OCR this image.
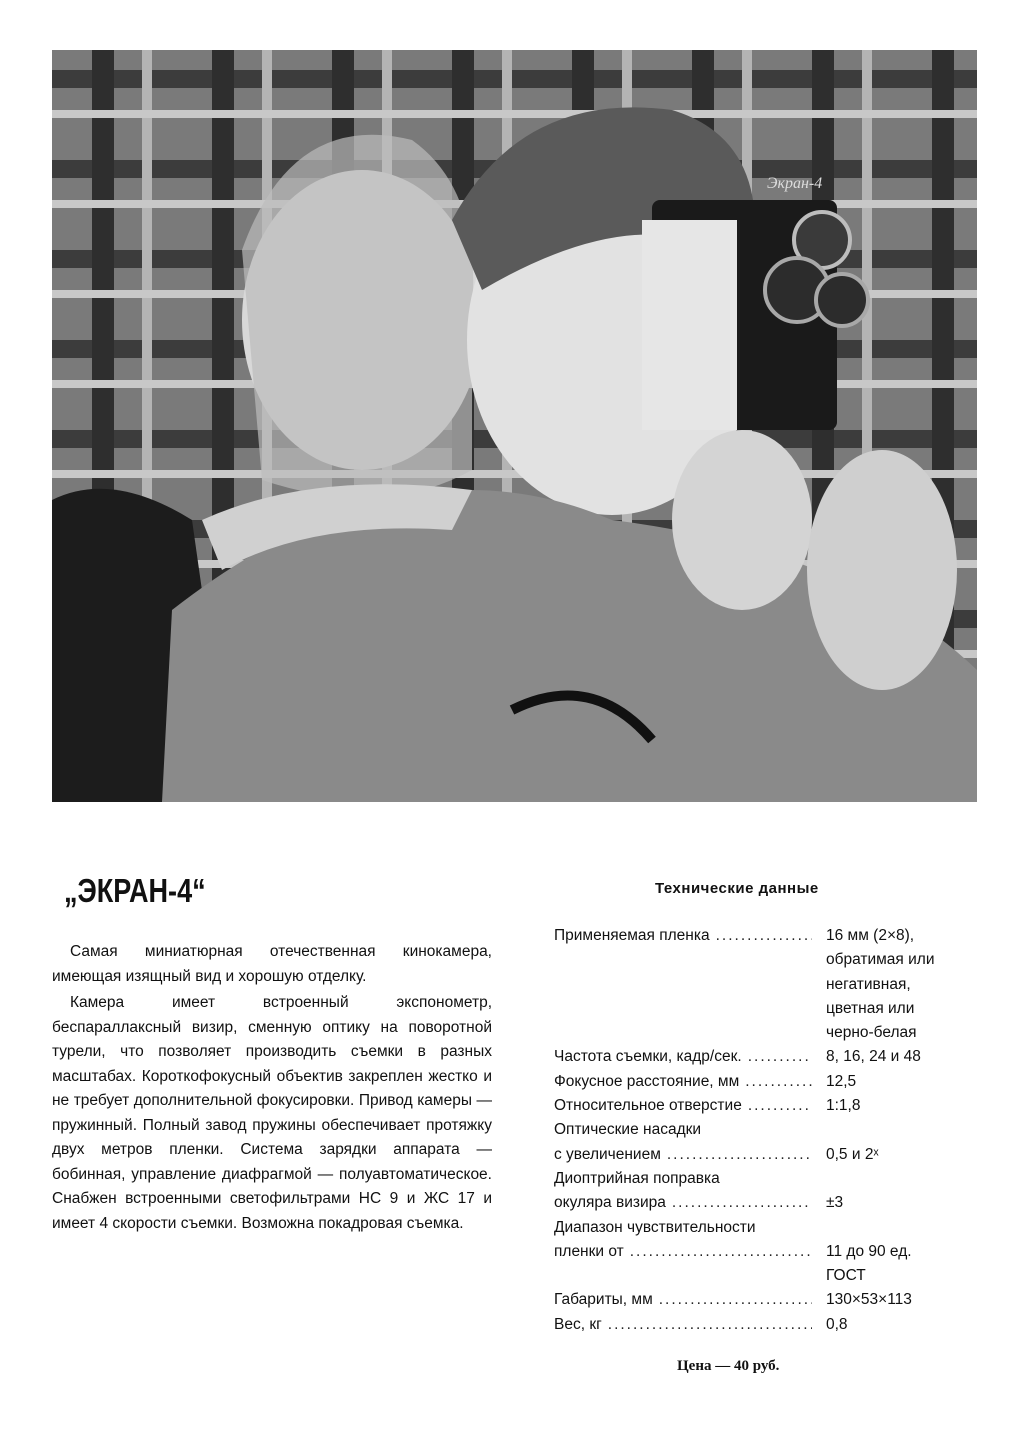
Экран-4
„ЭКРАН-4“

Самая миниатюрная отечественная кинокамера, имеющая изящный вид и хорошую отделку.

Камера имеет встроенный экспонометр, беспараллаксный визир, сменную оптику на поворотной турели, что позволяет производить съемки в разных масштабах. Короткофокусный объектив закреплен жестко и не требует дополнительной фокусировки. Привод камеры — пружинный. Полный завод пружины обеспечивает протяжку двух метров пленки. Система зарядки аппарата — бобинная, управление диафрагмой — полуавтоматическое. Снабжен встроенными светофильтрами НС 9 и ЖС 17 и имеет 4 скорости съемки. Возможна покадровая съемка.

Технические данные
Применяемая пленка .....	16 мм (2×8),
обратимая или
негативная,
цветная или
черно-белая
Частота съемки, кадр/сек. .....	8, 16, 24 и 48
Фокусное расстояние, мм .....	12,5
Относительное отверстие .....	1:1,8
Оптические насадки
с увеличением .....	0,5 и 2ˣ
Диоптрийная поправка
окуляра визира .....	±3
Диапазон чувствительности
пленки от .....	11 до 90 ед.
ГОСТ
Габариты, мм .....	130×53×113
Вес, кг .....	0,8
Цена — 40 руб.
